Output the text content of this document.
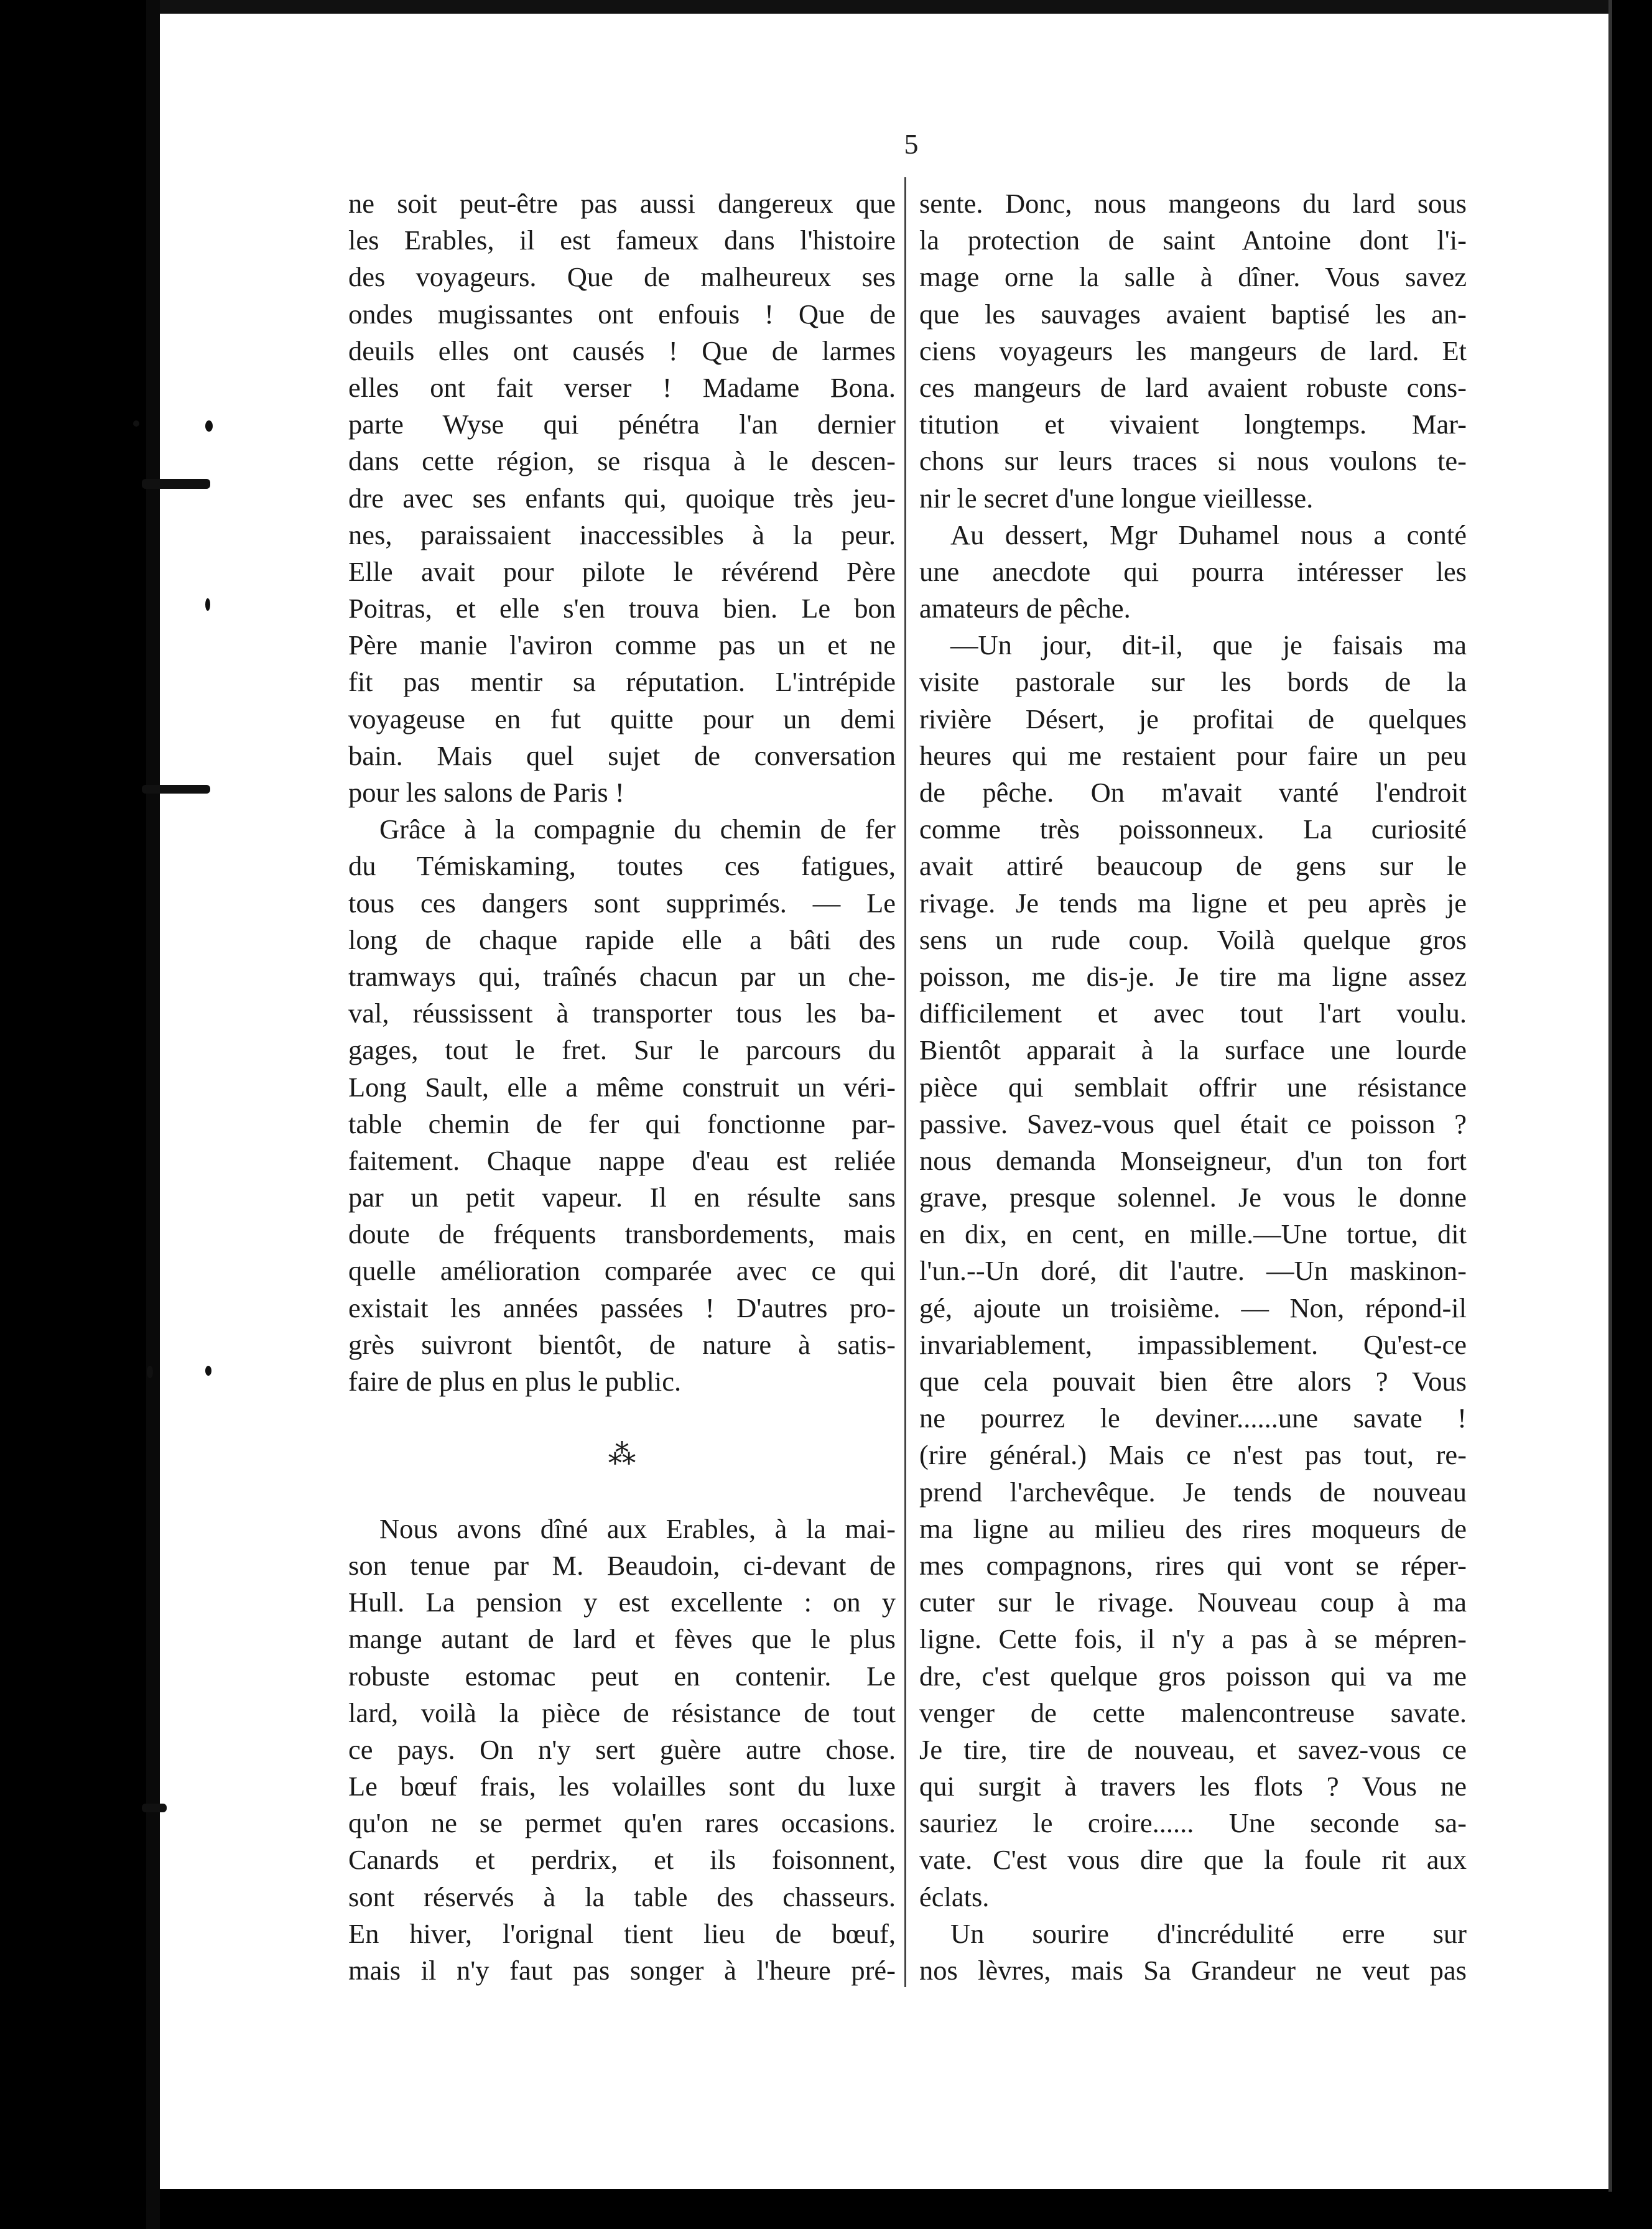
5
ne soit peut-être pas aussi dangereux que
les Erables, il est fameux dans l'histoire
des voyageurs. Que de malheureux ses
ondes mugissantes ont enfouis ! Que de
deuils elles ont causés ! Que de larmes
elles ont fait verser ! Madame Bona.
parte Wyse qui pénétra l'an dernier
dans cette région, se risqua à le descen-
dre avec ses enfants qui, quoique très jeu-
nes, paraissaient inaccessibles à la peur.
Elle avait pour pilote le révérend Père
Poitras, et elle s'en trouva bien. Le bon
Père manie l'aviron comme pas un et ne
fit pas mentir sa réputation. L'intrépide
voyageuse en fut quitte pour un demi
bain. Mais quel sujet de conversation
pour les salons de Paris !
Grâce à la compagnie du chemin de fer
du Témiskaming, toutes ces fatigues,
tous ces dangers sont supprimés. — Le
long de chaque rapide elle a bâti des
tramways qui, traînés chacun par un che-
val, réussissent à transporter tous les ba-
gages, tout le fret. Sur le parcours du
Long Sault, elle a même construit un véri-
table chemin de fer qui fonctionne par-
faitement. Chaque nappe d'eau est reliée
par un petit vapeur. Il en résulte sans
doute de fréquents transbordements, mais
quelle amélioration comparée avec ce qui
existait les années passées ! D'autres pro-
grès suivront bientôt, de nature à satis-
faire de plus en plus le public.
⁂
Nous avons dîné aux Erables, à la mai-
son tenue par M. Beaudoin, ci-devant de
Hull. La pension y est excellente : on y
mange autant de lard et fèves que le plus
robuste estomac peut en contenir. Le
lard, voilà la pièce de résistance de tout
ce pays. On n'y sert guère autre chose.
Le bœuf frais, les volailles sont du luxe
qu'on ne se permet qu'en rares occasions.
Canards et perdrix, et ils foisonnent,
sont réservés à la table des chasseurs.
En hiver, l'orignal tient lieu de bœuf,
mais il n'y faut pas songer à l'heure pré-
sente. Donc, nous mangeons du lard sous
la protection de saint Antoine dont l'i-
mage orne la salle à dîner. Vous savez
que les sauvages avaient baptisé les an-
ciens voyageurs les mangeurs de lard. Et
ces mangeurs de lard avaient robuste cons-
titution et vivaient longtemps. Mar-
chons sur leurs traces si nous voulons te-
nir le secret d'une longue vieillesse.
Au dessert, Mgr Duhamel nous a conté
une anecdote qui pourra intéresser les
amateurs de pêche.
—Un jour, dit-il, que je faisais ma
visite pastorale sur les bords de la
rivière Désert, je profitai de quelques
heures qui me restaient pour faire un peu
de pêche. On m'avait vanté l'endroit
comme très poissonneux. La curiosité
avait attiré beaucoup de gens sur le
rivage. Je tends ma ligne et peu après je
sens un rude coup. Voilà quelque gros
poisson, me dis-je. Je tire ma ligne assez
difficilement et avec tout l'art voulu.
Bientôt apparait à la surface une lourde
pièce qui semblait offrir une résistance
passive. Savez-vous quel était ce poisson ?
nous demanda Monseigneur, d'un ton fort
grave, presque solennel. Je vous le donne
en dix, en cent, en mille.—Une tortue, dit
l'un.--Un doré, dit l'autre. —Un maskinon-
gé, ajoute un troisième. — Non, répond-il
invariablement, impassiblement. Qu'est-ce
que cela pouvait bien être alors ? Vous
ne pourrez le deviner......une savate !
(rire général.) Mais ce n'est pas tout, re-
prend l'archevêque. Je tends de nouveau
ma ligne au milieu des rires moqueurs de
mes compagnons, rires qui vont se réper-
cuter sur le rivage. Nouveau coup à ma
ligne. Cette fois, il n'y a pas à se mépren-
dre, c'est quelque gros poisson qui va me
venger de cette malencontreuse savate.
Je tire, tire de nouveau, et savez-vous ce
qui surgit à travers les flots ? Vous ne
sauriez le croire...... Une seconde sa-
vate. C'est vous dire que la foule rit aux
éclats.
Un sourire d'incrédulité erre sur
nos lèvres, mais Sa Grandeur ne veut pas
